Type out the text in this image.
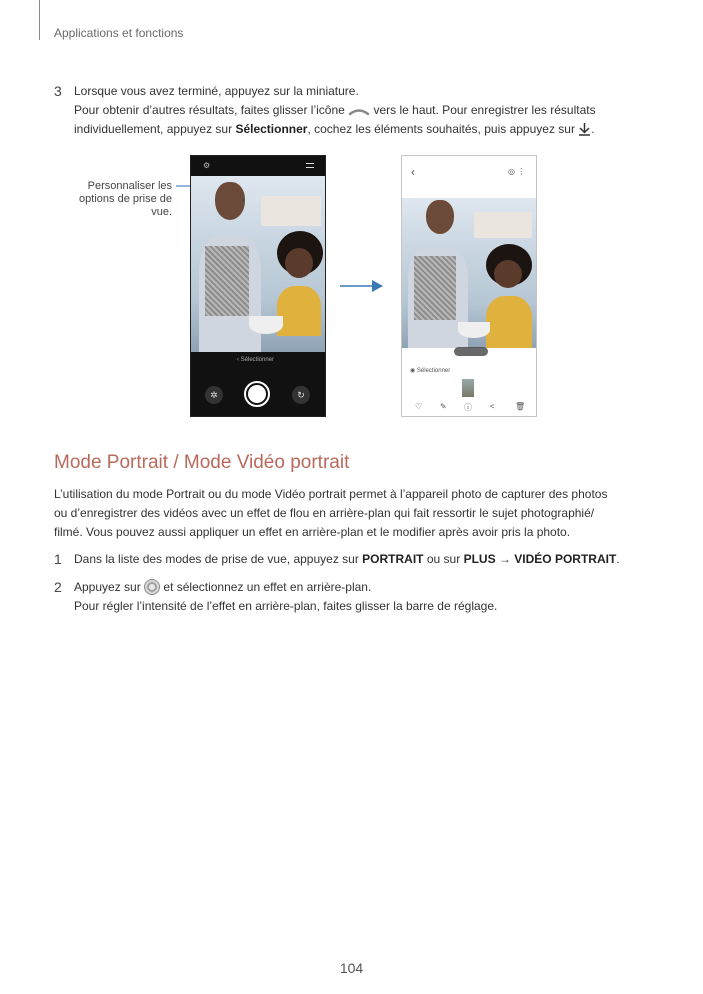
Applications et fonctions
3 Lorsque vous avez terminé, appuyez sur la miniature.
Pour obtenir d’autres résultats, faites glisser l’icône vers le haut. Pour enregistrer les résultats
individuellement, appuyez sur Sélectionner, cochez les éléments souhaités, puis appuyez sur .
Personnaliser les options de prise de vue.
⚙
‹ Sélectionner
✲	↻
‹	◎ ⋮
◉ Sélectionner
♡ ✎ ⓘ <	🗑
Mode Portrait / Mode Vidéo portrait
L’utilisation du mode Portrait ou du mode Vidéo portrait permet à l’appareil photo de capturer des photos
ou d’enregistrer des vidéos avec un effet de flou en arrière-plan qui fait ressortir le sujet photographié/
filmé. Vous pouvez aussi appliquer un effet en arrière-plan et le modifier après avoir pris la photo.
1 Dans la liste des modes de prise de vue, appuyez sur PORTRAIT ou sur PLUS → VIDÉO PORTRAIT.
2 Appuyez sur et sélectionnez un effet en arrière-plan.
Pour régler l’intensité de l’effet en arrière-plan, faites glisser la barre de réglage.
104
